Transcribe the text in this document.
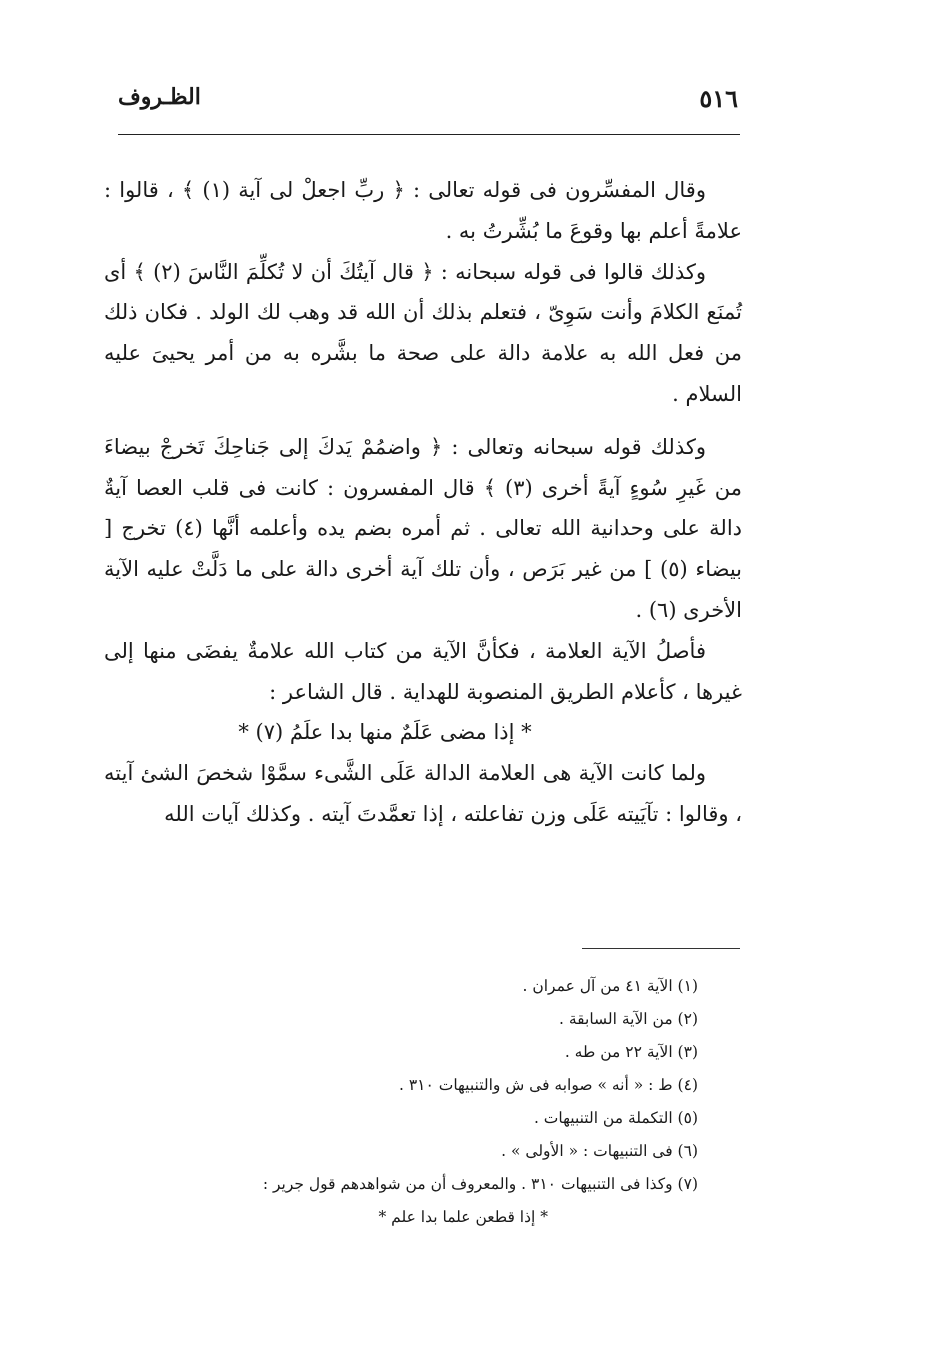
٥١٦
الظـروف

وقال المفسِّرون فى قوله تعالى : ﴿ ربِّ اجعلْ لى آية (١) ﴾ ، قالوا : علامةً أعلم بها وقوعَ ما بُشِّرتُ به .

وكذلك قالوا فى قوله سبحانه : ﴿ قال آيتُكَ أن لا تُكلِّمَ النَّاسَ (٢) ﴾ أى تُمنَع الكلامَ وأنت سَوِىّ ، فتعلم بذلك أن الله قد وهب لك الولد . فكان ذلك من فعل الله به علامة دالة على صحة ما بشَّره به من أمر يحيىَ عليه السلام .

وكذلك قوله سبحانه وتعالى : ﴿ واضمُمْ يَدكَ إلى جَناحِكَ تَخرجْ بيضاءَ من غَيرِ سُوءٍ آيةً أخرى (٣) ﴾ قال المفسرون : كانت فى قلب العصا آيةٌ دالة على وحدانية الله تعالى . ثم أمره بضم يده وأعلمه أنَّها (٤) تخرج [ بيضاء (٥) ] من غير بَرَص ، وأن تلك آية أخرى دالة على ما دَلَّتْ عليه الآية الأخرى (٦) .

فأصلُ الآية العلامة ، فكأنَّ الآية من كتاب الله علامةٌ يفضَى منها إلى غيرها ، كأعلام الطريق المنصوبة للهداية . قال الشاعر :

* إذا مضى عَلَمٌ منها بدا علَمُ (٧) *

ولما كانت الآية هى العلامة الدالة عَلَى الشَّىء سمَّوْا شخصَ الشئ آيته ، وقالوا : تآيَيته عَلَى وزن تفاعلته ، إذا تعمَّدتَ آيته . وكذلك آيات الله

(١) الآية ٤١ من آل عمران .

(٢) من الآية السابقة .

(٣) الآية ٢٢ من طه .

(٤) ط : « أنه » صوابه فى ش والتنبيهات ٣١٠ .

(٥) التكملة من التنبيهات .

(٦) فى التنبيهات : « الأولى » .

(٧) وكذا فى التنبيهات ٣١٠ . والمعروف أن من شواهدهم قول جرير :

* إذا قطعن علما بدا علم *
